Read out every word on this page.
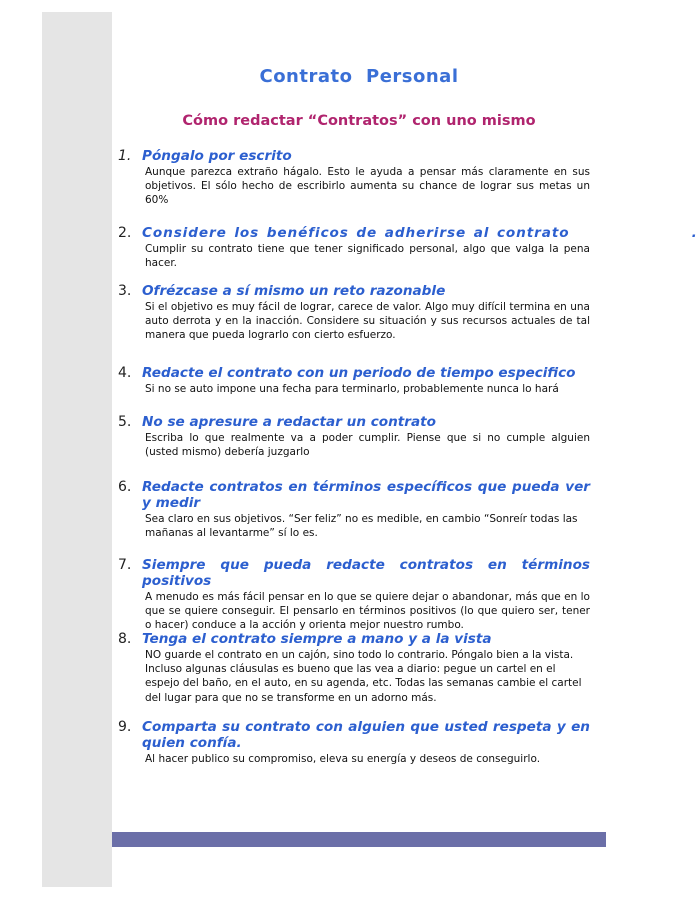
Contrato  Personal
Cómo redactar “Contratos” con uno mismo
1. Póngalo por escrito
Aunque parezca extraño hágalo. Esto le ayuda a pensar más claramente en sus objetivos. El sólo hecho de escribirlo aumenta su chance de lograr sus metas un 60%
2. Considere los benéficos de adherirse al contrato                .
Cumplir su contrato tiene que tener significado personal, algo que valga la pena hacer.
3. Ofrézcase a sí mismo un reto razonable
Si el objetivo es muy fácil de lograr, carece de valor. Algo muy difícil termina en una auto derrota y en la inacción. Considere su situación y sus recursos actuales de tal manera que pueda lograrlo con cierto esfuerzo.
4. Redacte el contrato con un periodo de tiempo especifico
Si no se auto impone una fecha para terminarlo, probablemente nunca lo hará
5. No se apresure a redactar un contrato
Escriba lo que realmente va a poder cumplir. Piense que si no cumple alguien (usted mismo) debería juzgarlo
6. Redacte contratos en términos específicos que pueda ver y medir
Sea claro en sus objetivos. “Ser feliz” no es medible, en cambio “Sonreír todas las mañanas al levantarme” sí lo es.
7. Siempre que pueda redacte contratos en términos positivos
A menudo es más fácil pensar en lo que se quiere dejar o abandonar, más que en lo que se quiere conseguir. El pensarlo en términos positivos (lo que quiero ser, tener o hacer) conduce a la acción y orienta mejor nuestro rumbo.
8. Tenga el contrato siempre a mano y a la vista
NO guarde el contrato en un cajón, sino todo lo contrario. Póngalo bien a la vista. Incluso algunas cláusulas es bueno que las vea a diario: pegue un cartel en el espejo del baño, en el auto, en su agenda, etc. Todas las semanas cambie el cartel del lugar para que no se transforme en un adorno más.
9. Comparta su contrato con alguien que usted respeta y en quien confía.
Al hacer publico su compromiso, eleva su energía y deseos de conseguirlo.
